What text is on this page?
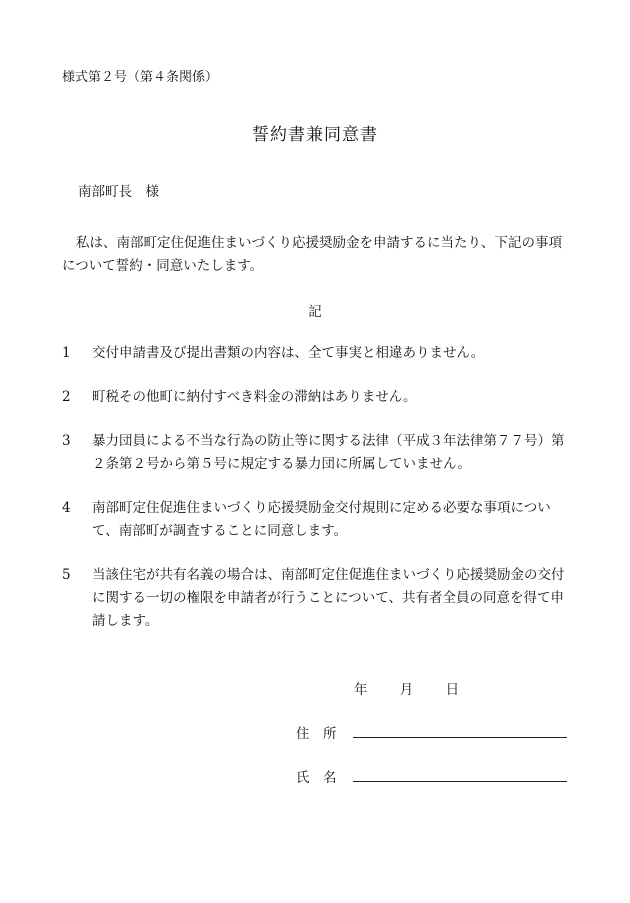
様式第２号（第４条関係）
誓約書兼同意書
南部町長　様
私は、南部町定住促進住まいづくり応援奨励金を申請するに当たり、下記の事項について誓約・同意いたします。
記
1 交付申請書及び提出書類の内容は、全て事実と相違ありません。
2 町税その他町に納付すべき料金の滞納はありません。
3 暴力団員による不当な行為の防止等に関する法律（平成３年法律第７７号）第２条第２号から第５号に規定する暴力団に所属していません。
4 南部町定住促進住まいづくり応援奨励金交付規則に定める必要な事項について、南部町が調査することに同意します。
5 当該住宅が共有名義の場合は、南部町定住促進住まいづくり応援奨励金の交付に関する一切の権限を申請者が行うことについて、共有者全員の同意を得て申請します。
年 月 日
住　所
氏　名
